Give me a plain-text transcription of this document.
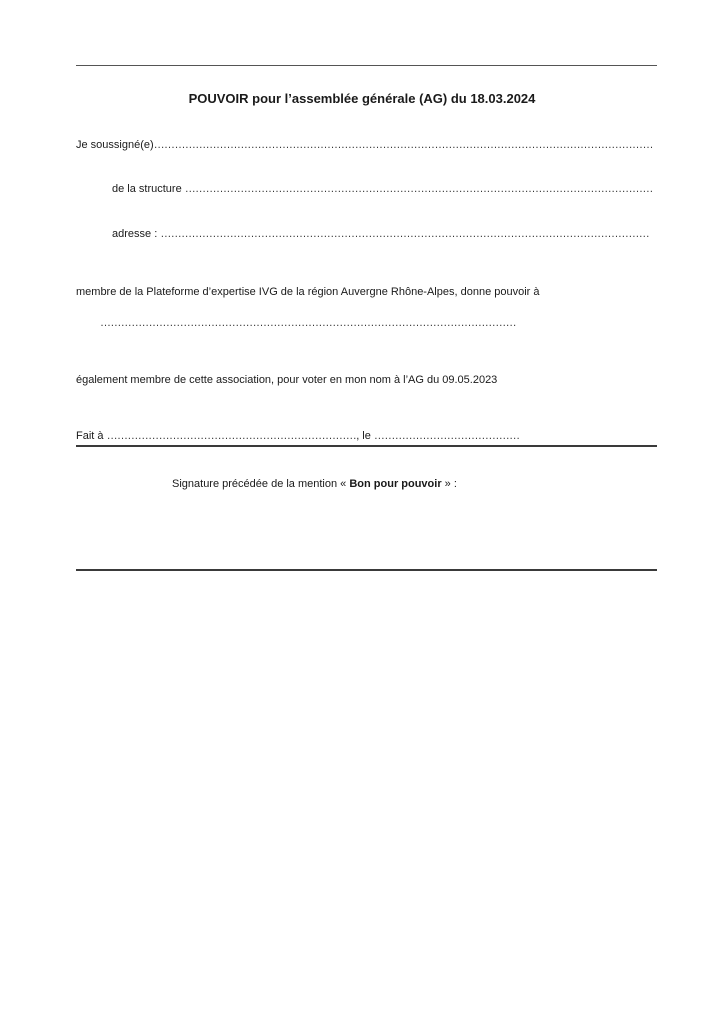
POUVOIR pour l’assemblée générale (AG) du 18.03.2024
Je soussigné(e)………………………………………………………………………………………………………………………………
de la structure ………………………………………………………………………………………………………………………
adresse : ……………………………………………………………………………………………………………………………
membre de la Plateforme d’expertise IVG de la région Auvergne Rhône-Alpes, donne pouvoir à
…………………………………………………………………………………………………………
également membre de cette association, pour voter en mon nom à l’AG du 09.05.2023
Fait à ………………………………………………………………, le ……………………………………
Signature précédée de la mention « Bon pour pouvoir » :
